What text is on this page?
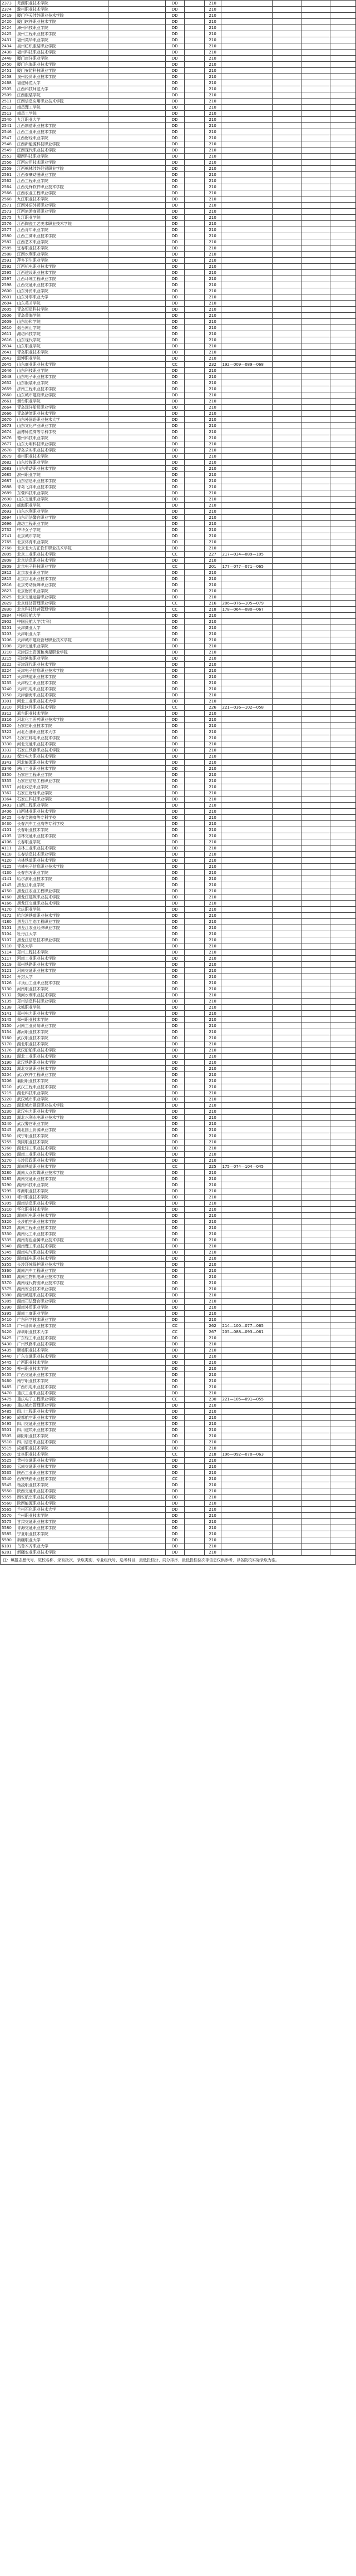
2373	芜湖职业技术学院		DD		210				
2374	滁州职业技术学院		DD		210				
2419	厦门华天涉外职业技术学院		DD		210				
2420	厦门软件职业技术学院		DD		210				
2424	漳州科技职业学院		DD		210				
2425	泉州工程职业技术学院		DD		210				
2431	福州英华职业学院		DD		210				
2434	泉州纺织服装职业学院		DD		210				
2438	福州科技职业技术学院		DD		210				
2448	厦门南洋职业学院		DD		210				
2450	厦门东海职业技术学院		DD		210				
2451	厦门安防科技职业学院		DD		210				
2458	泉州经贸职业技术学院		DD		210				
2468	福建师范大学		DD		210				
2505	江西科技师范大学		DD		210				
2509	江西服装学院		DD		210				
2511	江西信息应用职业技术学院		DD		210				
2512	南昌理工学院		DD		210				
2513	南昌工学院		DD		210				
2540	九江职业大学		DD		210				
2541	江西制造职业技术学院		DD		210				
2546	江西工业职业技术学院		DD		210				
2547	江西财经职业学院		DD		210				
2548	江西新能源科技职业学院		DD		210				
2549	江西现代职业技术学院		DD		210				
2553	赣西科技职业学院		DD		210				
2556	江西应用技术职业学院		DD		210				
2559	江西枫林涉外经贸职业学院		DD		210				
2561	江西泰豪动漫职业学院		DD		210				
2562	江西工程职业学院		DD		210				
2564	江西先锋软件职业技术学院		DD		210				
2566	江西农业工程职业学院		DD		210				
2568	九江职业技术学院		DD		210				
2571	江西外语外贸职业学院		DD		210				
2573	江西旅游商贸职业学院		DD		210				
2575	九江职业学院		DD		210				
2576	江西陶瓷工艺美术职业技术学院		DD		210				
2577	江西青年职业学院		DD		210				
2580	江西工商职业技术学院		DD		210				
2582	江西艺术职业学院		DD		210				
2585	宜春职业技术学院		DD		210				
2588	江西水利职业学院		DD		210				
2591	萍乡卫生职业学院		DD		210				
2592	江西机电职业技术学院		DD		210				
2595	江西建设职业技术学院		DD		210				
2597	江西环境工程职业学院		DD		210				
2598	江西交通职业技术学院		DD		210				
2600	山东外贸职业学院		DD		210				
2601	山东外事职业大学		DD		210				
2604	山东英才学院		DD		210				
2605	青岛恒星科技学院		DD		210				
2606	青岛黄海学院		DD		210				
2609	山东协和学院		DD		210				
2610	烟台南山学院		DD		210				
2611	潍坊科技学院		DD		210				
2616	山东现代学院		DD		210				
2634	山东职业学院		DD		210				
2641	青岛职业技术学院		DD		210				
2643	淄博职业学院		DD		210				
2645	山东商业职业技术学院		CC		232	192—009—089—068			
2646	山东科技职业学院		DD		210				
2648	山东电子职业技术学院		DD		210				
2652	山东服装职业学院		DD		210				
2659	济南工程职业技术学院		DD		210				
2660	山东城市建设职业学院		DD		210				
2661	烟台职业学院		DD		210				
2664	青岛远洋船员职业学院		DD		210				
2666	青岛港湾职业技术学院		DD		210				
2670	山东外国语职业技术大学		DD		210				
2673	山东文化产业职业学院		DD		210				
2674	淄博师范高等专科学校		DD		210				
2676	德州科技职业学院		DD		210				
2677	山东力明科技职业学院		DD		210				
2678	青岛求实职业技术学院		DD		210				
2679	德州职业技术学院		DD		210				
2682	山东传媒职业学院		DD		210				
2683	山东劳动职业技术学院		DD		210				
2685	滨州职业学院		DD		210				
2687	山东信息职业技术学院		DD		210				
2688	青岛飞洋职业技术学院		DD		210				
2689	东营科技职业学院		DD		210				
2690	山东交通职业学院		DD		210				
2692	威海职业学院		DD		210				
2693	山东水利职业学院		DD		210				
2694	山东司法警官职业学院		DD		210				
2696	潍坊工程职业学院		DD		210				
2732	中华女子学院		DD		210				
2741	北京城市学院		DD		210				
2765	北京体育职业学院		DD		210				
2768	北京北大方正软件职业技术学院		DD		210				
2805	北京工业职业技术学院		CC		227	217—034—089—105			
2808	北京信息职业技术学院		DD		210				
2809	北京电子科技职业学院		CC		201	177—077—071—065			
2812	北京农业职业学院		DD		210				
2815	北京京北职业技术学院		DD		210				
2816	北京劳动保障职业学院		DD		210				
2823	北京财贸职业学院		DD		210				
2825	北京交通运输职业学院		DD		210				
2829	北京经济管理职业学院		CC		216	206—076—105—079			
2830	北京科技经营管理学院		CC		218	178—064—080—067			
2834	中国民航大学		DD		210				
2902	中国民航大学(专科)		DD		210				
3201	天津商业大学		DD		210				
3203	天津职业大学		DD		210				
3206	天津城市建设管理职业技术学院		DD		210				
3208	天津交通职业学院		DD		210				
3210	天津国土资源和房屋职业学院		DD		210				
3215	天津滨海职业学院		DD		210				
3222	天津现代职业技术学院		DD		210				
3224	天津电子信息职业技术学院		DD		210				
3227	天津铁道职业技术学院		DD		210				
3235	天津轻工职业技术学院		DD		210				
3240	天津机电职业技术学院		DD		210				
3250	天津渤海职业技术学院		DD		210				
3301	河北工业职业技术大学		DD		210				
3310	河北软件职业技术学院		CC		226	221—036—102—058			
3312	邢台职业技术学院		DD		210				
3316	河北化工医药职业技术学院		DD		210				
3320	石家庄职业技术学院		DD		210				
3322	河北石油职业技术大学		DD		210				
3325	石家庄邮电职业技术学院		DD		210				
3330	河北交通职业技术学院		DD		210				
3332	石家庄铁路职业技术学院		DD		210				
3333	保定电力职业技术学院		DD		210				
3343	河北能源职业技术学院		DD		210				
3346	唐山工业职业技术学院		DD		210				
3350	石家庄工程职业学院		DD		210				
3355	石家庄信息工程职业学院		DD		210				
3357	河北政法职业学院		DD		210				
3362	石家庄财经职业学院		DD		210				
3364	石家庄科技职业学院		DD		210				
3403	山西工程职业学院		DD		210				
3406	山西林业职业技术学院		DD		210				
3425	长春金融高等专科学校		DD		210				
3430	长春汽车工业高等专科学校		DD		210				
4101	长春职业技术学院		DD		210				
4105	吉林交通职业技术学院		DD		210				
4106	长春职业学院		DD		210				
4111	吉林工业职业技术学院		DD		210				
4118	长春信息技术职业学院		DD		210				
4120	吉林铁道职业技术学院		DD		210				
4125	吉林电子信息职业技术学院		DD		210				
4130	长春东方职业学院		DD		210				
4141	哈尔滨职业技术学院		DD		210				
4145	黑龙江职业学院		DD		210				
4150	黑龙江农业工程职业学院		DD		210				
4160	黑龙江建筑职业技术学院		DD		210				
4166	黑龙江交通职业技术学院		DD		210				
4170	大庆职业学院		DD		210				
4172	哈尔滨铁道职业技术学院		DD		210				
4180	黑龙江生态工程职业学院		DD		210				
5101	黑龙江农业经济职业学院		DD		210				
5104	牡丹江大学		DD		210				
5107	黑龙江信息技术职业学院		DD		210				
5110	青岛大学		DD		210				
5114	郑州工程技术学院		DD		210				
5117	河南工业职业技术学院		DD		210				
5119	郑州铁路职业技术学院		DD		210				
5121	河南交通职业技术学院		DD		210				
5124	开封大学		DD		210				
5126	平顶山工业职业技术学院		DD		210				
5130	河南职业技术学院		DD		210				
5132	黄河水利职业技术学院		DD		210				
5135	郑州信息科技职业学院		DD		210				
5138	永城职业学院		DD		210				
5141	郑州电力职业技术学院		DD		210				
5145	郑州职业技术学院		DD		210				
5150	河南工业贸易职业学院		DD		210				
5154	漯河职业技术学院		DD		210				
5160	武汉职业技术学院		DD		210				
5170	湖北职业技术学院		DD		210				
5176	武汉船舶职业技术学院		DD		210				
5183	湖北工业职业技术学院		DD		210				
5190	武汉铁路职业技术学院		DD		210				
5201	湖北交通职业技术学院		DD		210				
5204	武汉软件工程职业学院		DD		210				
5206	襄阳职业技术学院		DD		210				
5210	武汉工程职业技术学院		DD		210				
5215	湖北科技职业学院		DD		210				
5220	武汉城市职业学院		DD		210				
5225	湖北城市建设职业技术学院		DD		210				
5230	武汉电力职业技术学院		DD		210				
5235	湖北水利水电职业技术学院		DD		210				
5240	武汉警官职业学院		DD		210				
5245	湖北国土资源职业学院		DD		210				
5250	咸宁职业技术学院		DD		210				
5255	黄冈职业技术学院		DD		210				
5260	湖北轻工职业技术学院		DD		210				
5265	湖南工业职业技术学院		DD		210				
5270	长沙民政职业技术学院		DD		210				
5275	湖南铁道职业技术学院		CC		225	175—074—104—045			
5280	湖南大众传媒职业技术学院		DD		210				
5285	湖南交通职业技术学院		DD		210				
5290	湖南科技职业学院		DD		210				
5295	株洲职业技术学院		DD		210				
5301	郴州职业技术学院		DD		210				
5305	湖南信息职业技术学院		DD		210				
5310	怀化职业技术学院		DD		210				
5315	湖南机电职业技术学院		DD		210				
5320	长沙航空职业技术学院		DD		210				
5325	湖南工程职业技术学院		DD		210				
5330	湖南化工职业技术学院		DD		210				
5335	湖南有色金属职业技术学院		DD		210				
5340	湖南理工职业技术学院		DD		210				
5345	湖南电气职业技术学院		DD		210				
5350	湖南邮电职业技术学院		DD		210				
5355	长沙环境保护职业技术学院		DD		210				
5360	湖南汽车工程职业学院		DD		210				
5365	湖南生物机电职业技术学院		DD		210				
5370	湖南现代物流职业技术学院		DD		210				
5375	湖南安全技术职业学院		DD		210				
5380	湖南城建职业技术学院		DD		210				
5385	湖南司法警官职业学院		DD		210				
5390	湖南外贸职业学院		DD		210				
5395	湖南工商职业学院		DD		210				
5410	广东科学技术职业学院		DD		210				
5415	广州番禺职业技术学院		CC		262	214—100—077—065			
5420	深圳职业技术大学		CC		267	205—088—093—061			
5425	广东轻工职业技术学院		DD		210				
5430	广州铁路职业技术学院		DD		210				
5435	顺德职业技术学院		DD		210				
5440	广东交通职业技术学院		DD		210				
5445	广西职业技术学院		DD		210				
5450	柳州职业技术学院		DD		210				
5455	广西交通职业技术学院		DD		210				
5460	南宁职业技术学院		DD		210				
5465	广西机电职业技术学院		DD		210				
5470	重庆工业职业技术学院		DD		210				
5475	重庆电子工程职业学院		CC		230	221—105—091—055			
5480	重庆城市管理职业学院		DD		210				
5485	四川工程职业技术学院		DD		210				
5490	成都航空职业技术学院		DD		210				
5495	四川交通职业技术学院		DD		210				
5501	四川建筑职业技术学院		DD		210				
5505	绵阳职业技术学院		DD		210				
5510	四川信息职业技术学院		DD		210				
5515	成都职业技术学院		DD		210				
5520	宜宾职业技术学院		CC		218	196—092—070—063			
5525	贵州交通职业技术学院		DD		210				
5530	云南交通职业技术学院		DD		210				
5535	陕西工业职业技术学院		DD		210				
5540	西安铁路职业技术学院		CC		210				
5545	杨凌职业技术学院		DD		210				
5550	陕西交通职业技术学院		DD		210				
5555	西安航空职业技术学院		DD		210				
5560	陕西能源职业技术学院		DD		210				
5565	兰州石化职业技术大学		DD		210				
5570	兰州职业技术学院		DD		210				
5575	甘肃交通职业技术学院		DD		210				
5580	青海交通职业技术学院		DD		210				
5585	宁夏职业技术学院		DD		210				
5590	新疆职业大学		DD		210				
6101	乌鲁木齐职业大学		DD		210				
6281	新疆农业职业技术学院		DD		210				
注：填报志愿代号、院校名称、录取批次、录取类别、专业组代号、选考科目、最低投档分、同分排序、最低投档位次等信息仅供参考，以各院校实际录取为准。
